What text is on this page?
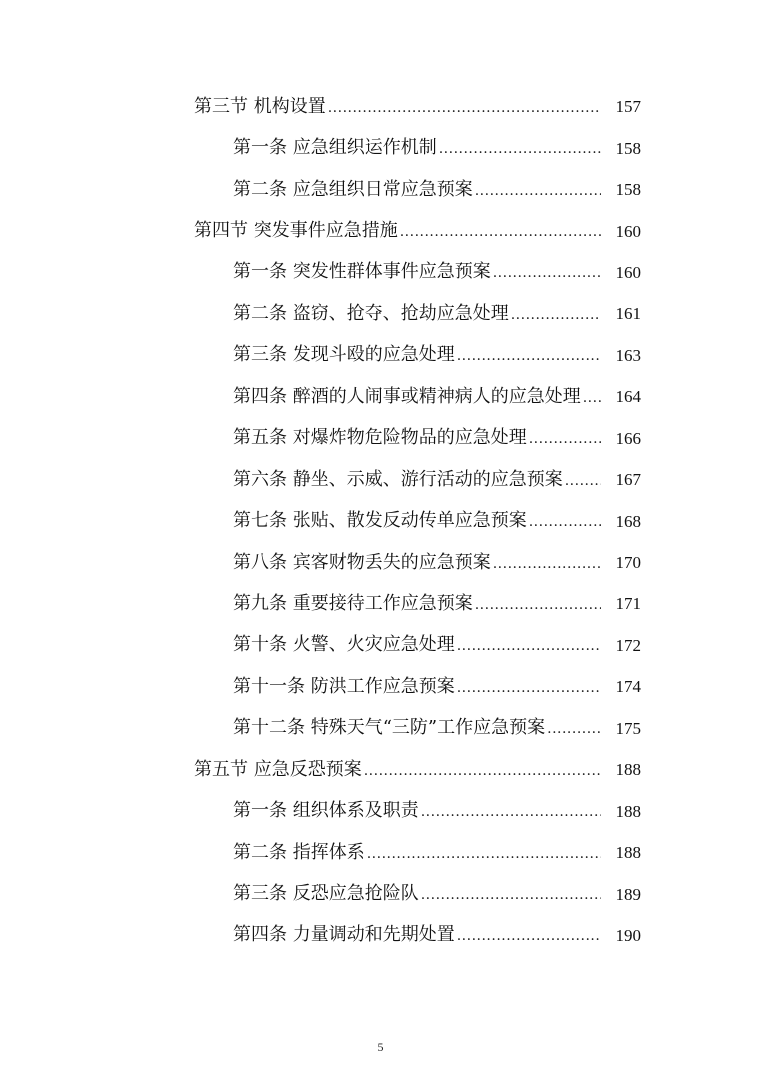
第三节 机构设置 .....	157
第一条 应急组织运作机制 .....	158
第二条 应急组织日常应急预案 .....	158
第四节 突发事件应急措施 .....	160
第一条 突发性群体事件应急预案 .....	160
第二条 盗窃、抢夺、抢劫应急处理 .....	161
第三条 发现斗殴的应急处理 .....	163
第四条 醉酒的人闹事或精神病人的应急处理 .....	164
第五条 对爆炸物危险物品的应急处理 .....	166
第六条 静坐、示威、游行活动的应急预案 .....	167
第七条 张贴、散发反动传单应急预案 .....	168
第八条 宾客财物丢失的应急预案 .....	170
第九条 重要接待工作应急预案 .....	171
第十条 火警、火灾应急处理 .....	172
第十一条 防洪工作应急预案 .....	174
第十二条 特殊天气“三防”工作应急预案 .....	175
第五节 应急反恐预案 .....	188
第一条 组织体系及职责 .....	188
第二条 指挥体系 .....	188
第三条 反恐应急抢险队 .....	189
第四条 力量调动和先期处置 .....	190
5
